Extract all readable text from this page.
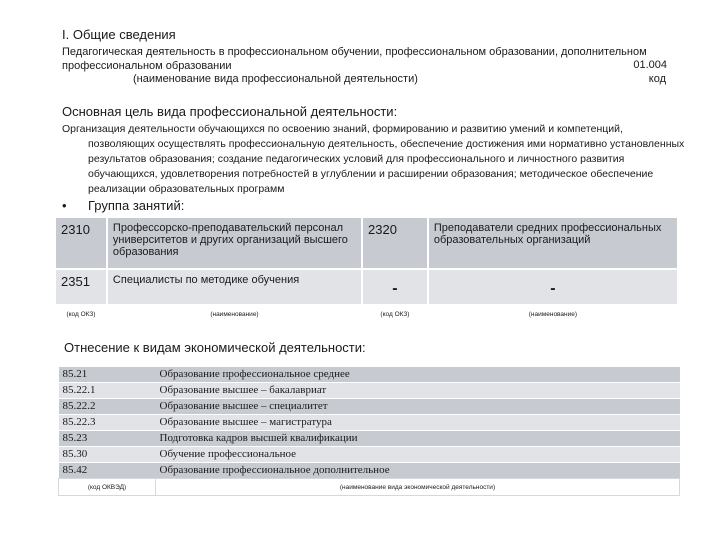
I. Общие сведения
Педагогическая деятельность в профессиональном обучении, профессиональном образовании, дополнительном
профессиональном образовании	01.004
(наименование вида профессиональной деятельности)	код
Основная цель вида профессиональной деятельности:

Организация деятельности обучающихся по освоению знаний, формированию и развитию умений и компетенций, позволяющих осуществлять профессиональную деятельность, обеспечение достижения ими нормативно установленных результатов образования; создание педагогических условий для профессионального и личностного развития обучающихся, удовлетворения потребностей в углублении и расширении образования; методическое обеспечение реализации образовательных программ

• Группа занятий:
2310	Профессорско-преподавательский персонал университетов и других организаций высшего образования	2320	Преподаватели средних профессиональных образовательных организаций
2351	Специалисты по методике обучения	-	-

(код ОКЗ)	(наименование)	(код ОКЗ)	(наименование)
Отнесение к видам экономической деятельности:
85.21	Образование профессиональное среднее
85.22.1	Образование высшее – бакалавриат
85.22.2	Образование высшее – специалитет
85.22.3	Образование высшее – магистратура
85.23	Подготовка кадров высшей квалификации
85.30	Обучение профессиональное
85.42	Образование профессиональное дополнительное
(код ОКВЭД)	(наименование вида экономической деятельности)
